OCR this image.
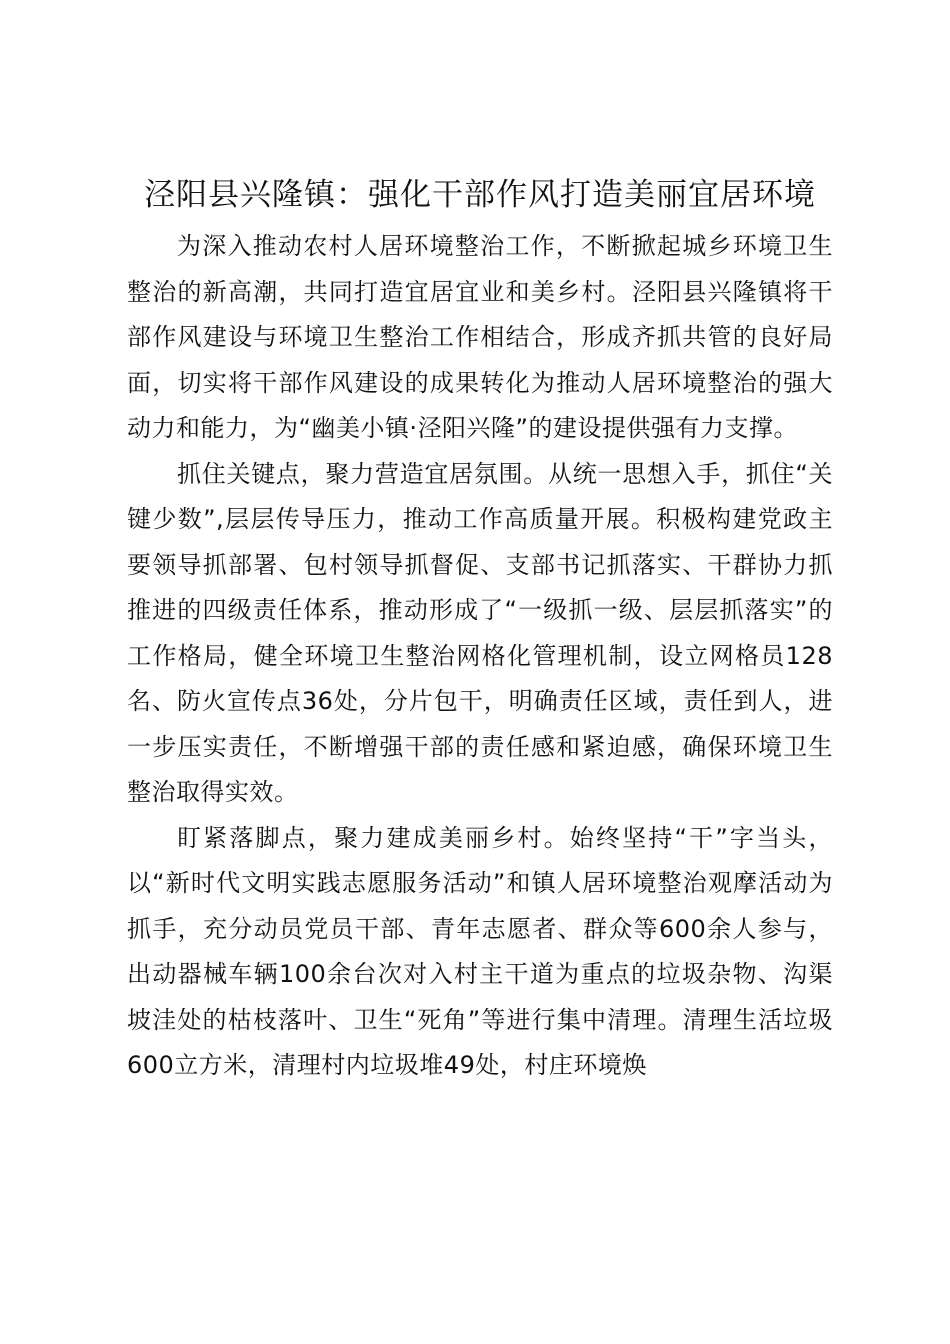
泾阳县兴隆镇：强化干部作风打造美丽宜居环境

为深入推动农村人居环境整治工作，不断掀起城乡环境卫生整治的新高潮，共同打造宜居宜业和美乡村。泾阳县兴隆镇将干部作风建设与环境卫生整治工作相结合，形成齐抓共管的良好局面，切实将干部作风建设的成果转化为推动人居环境整治的强大动力和能力，为“幽美小镇·泾阳兴隆”的建设提供强有力支撑。

抓住关键点，聚力营造宜居氛围。从统一思想入手，抓住“关键少数”,层层传导压力，推动工作高质量开展。积极构建党政主要领导抓部署、包村领导抓督促、支部书记抓落实、干群协力抓推进的四级责任体系，推动形成了“一级抓一级、层层抓落实”的工作格局，健全环境卫生整治网格化管理机制，设立网格员128名、防火宣传点36处，分片包干，明确责任区域，责任到人，进一步压实责任，不断增强干部的责任感和紧迫感，确保环境卫生整治取得实效。

盯紧落脚点，聚力建成美丽乡村。始终坚持“干”字当头，以“新时代文明实践志愿服务活动”和镇人居环境整治观摩活动为抓手，充分动员党员干部、青年志愿者、群众等600余人参与，出动器械车辆100余台次对入村主干道为重点的垃圾杂物、沟渠坡洼处的枯枝落叶、卫生“死角”等进行集中清理。清理生活垃圾600立方米，清理村内垃圾堆49处，村庄环境焕
